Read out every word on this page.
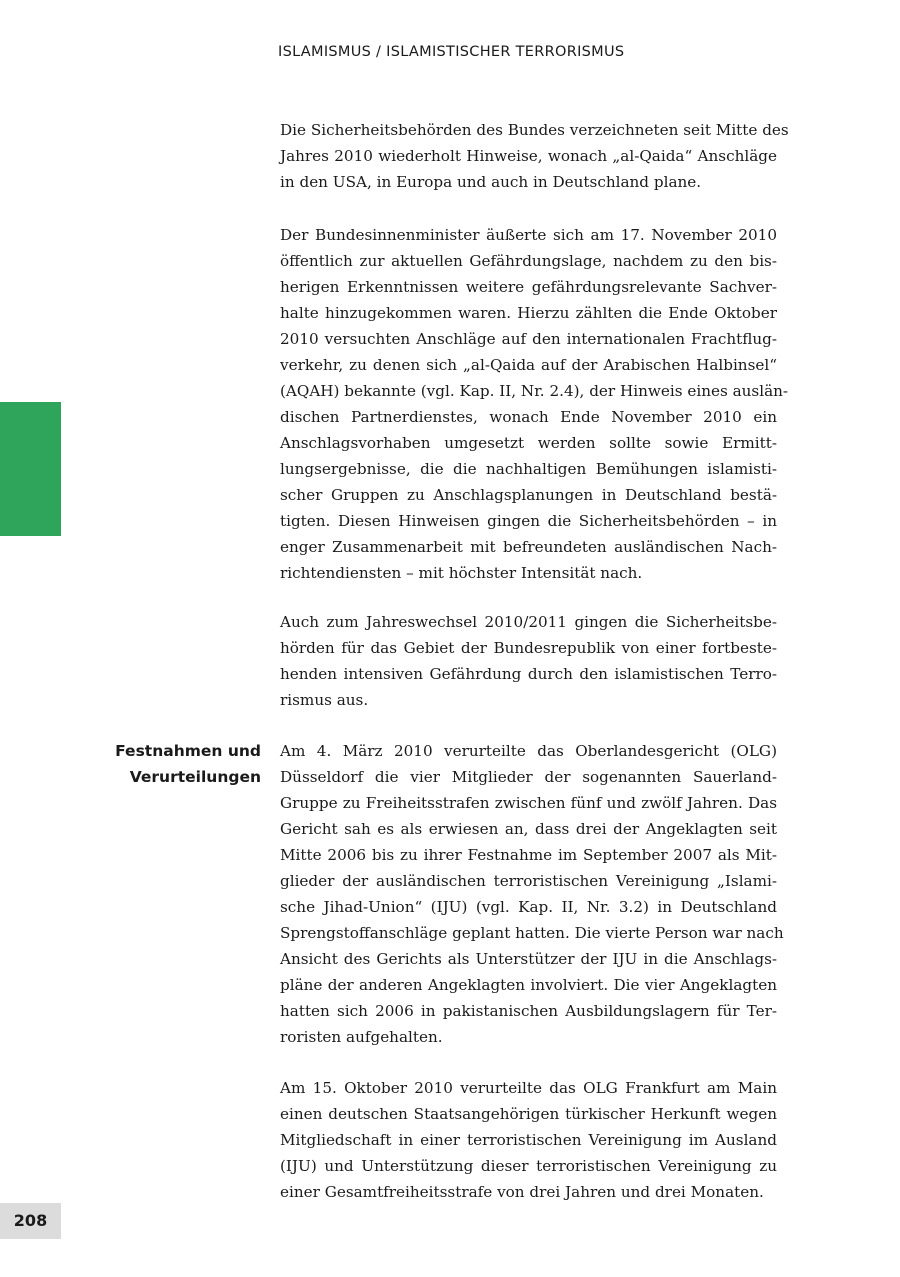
ISLAMISMUS / ISLAMISTISCHER TERRORISMUS
Festnahmen und
Verurteilungen
Die Sicherheitsbehörden des Bundes verzeichneten seit Mitte des
Jahres 2010 wiederholt Hinweise, wonach „al-Qaida“ Anschläge
in den USA, in Europa und auch in Deutschland plane.
Der Bundesinnenminister äußerte sich am 17. November 2010
öffentlich zur aktuellen Gefährdungslage, nachdem zu den bis-
herigen Erkenntnissen weitere gefährdungsrelevante Sachver-
halte hinzugekommen waren. Hierzu zählten die Ende Oktober
2010 versuchten Anschläge auf den internationalen Frachtflug-
verkehr, zu denen sich „al-Qaida auf der Arabischen Halbinsel“
(AQAH) bekannte (vgl. Kap. II, Nr. 2.4), der Hinweis eines auslän-
dischen Partnerdienstes, wonach Ende November 2010 ein
Anschlagsvorhaben umgesetzt werden sollte sowie Ermitt-
lungsergebnisse, die die nachhaltigen Bemühungen islamisti-
scher Gruppen zu Anschlagsplanungen in Deutschland bestä-
tigten. Diesen Hinweisen gingen die Sicherheitsbehörden – in
enger Zusammenarbeit mit befreundeten ausländischen Nach-
richtendiensten – mit höchster Intensität nach.
Auch zum Jahreswechsel 2010/2011 gingen die Sicherheitsbe-
hörden für das Gebiet der Bundesrepublik von einer fortbeste-
henden intensiven Gefährdung durch den islamistischen Terro-
rismus aus.
Am 4. März 2010 verurteilte das Oberlandesgericht (OLG)
Düsseldorf die vier Mitglieder der sogenannten Sauerland-
Gruppe zu Freiheitsstrafen zwischen fünf und zwölf Jahren. Das
Gericht sah es als erwiesen an, dass drei der Angeklagten seit
Mitte 2006 bis zu ihrer Festnahme im September 2007 als Mit-
glieder der ausländischen terroristischen Vereinigung „Islami-
sche Jihad-Union“ (IJU) (vgl. Kap. II, Nr. 3.2) in Deutschland
Sprengstoffanschläge geplant hatten. Die vierte Person war nach
Ansicht des Gerichts als Unterstützer der IJU in die Anschlags-
pläne der anderen Angeklagten involviert. Die vier Angeklagten
hatten sich 2006 in pakistanischen Ausbildungslagern für Ter-
roristen aufgehalten.
Am 15. Oktober 2010 verurteilte das OLG Frankfurt am Main
einen deutschen Staatsangehörigen türkischer Herkunft wegen
Mitgliedschaft in einer terroristischen Vereinigung im Ausland
(IJU) und Unterstützung dieser terroristischen Vereinigung zu
einer Gesamtfreiheitsstrafe von drei Jahren und drei Monaten.
208
